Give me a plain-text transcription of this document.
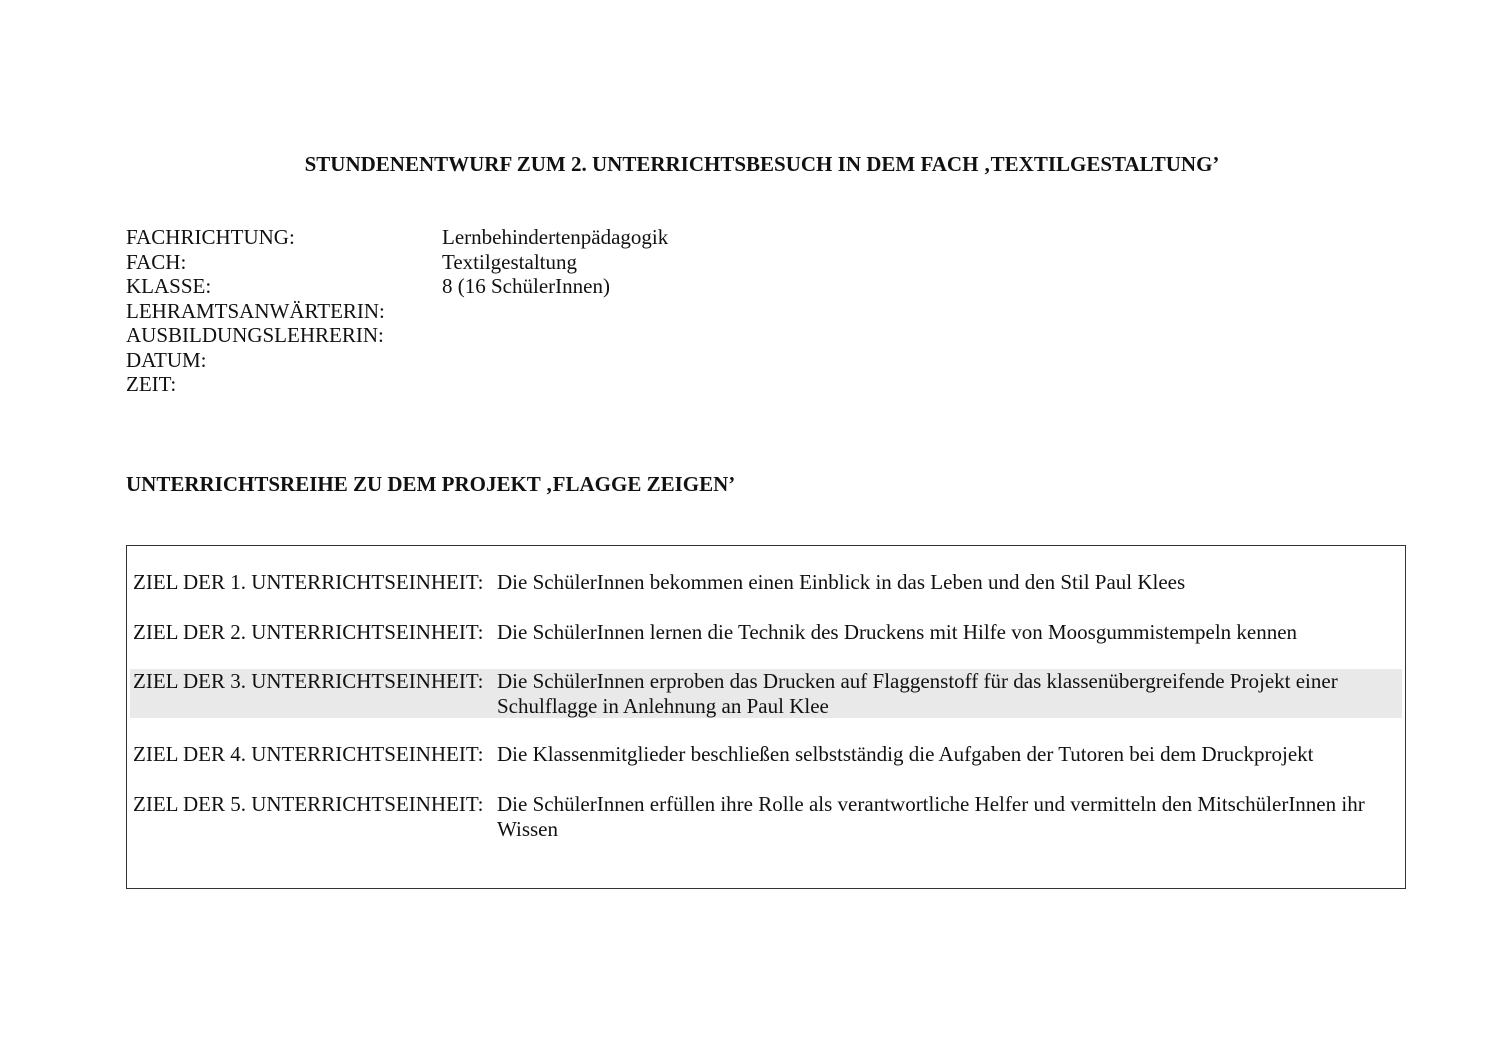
STUNDENENTWURF ZUM 2. UNTERRICHTSBESUCH IN DEM FACH ‚TEXTILGESTALTUNG’
FACHRICHTUNG:	Lernbehindertenpädagogik
FACH:	Textilgestaltung
KLASSE:	8 (16 SchülerInnen)
LEHRAMTSANWÄRTERIN:
AUSBILDUNGSLEHRERIN:
DATUM:
ZEIT:
UNTERRICHTSREIHE ZU DEM PROJEKT ‚FLAGGE ZEIGEN’
ZIEL DER 1. UNTERRICHTSEINHEIT: Die SchülerInnen bekommen einen Einblick in das Leben und den Stil Paul Klees
ZIEL DER 2. UNTERRICHTSEINHEIT: Die SchülerInnen lernen die Technik des Druckens mit Hilfe von Moosgummistempeln kennen
ZIEL DER 3. UNTERRICHTSEINHEIT: Die SchülerInnen erproben das Drucken auf Flaggenstoff für das klassenübergreifende Projekt einer Schulflagge in Anlehnung an Paul Klee
ZIEL DER 4. UNTERRICHTSEINHEIT: Die Klassenmitglieder beschließen selbstständig die Aufgaben der Tutoren bei dem Druckprojekt
ZIEL DER 5. UNTERRICHTSEINHEIT: Die SchülerInnen erfüllen ihre Rolle als verantwortliche Helfer und vermitteln den MitschülerInnen ihr Wissen
